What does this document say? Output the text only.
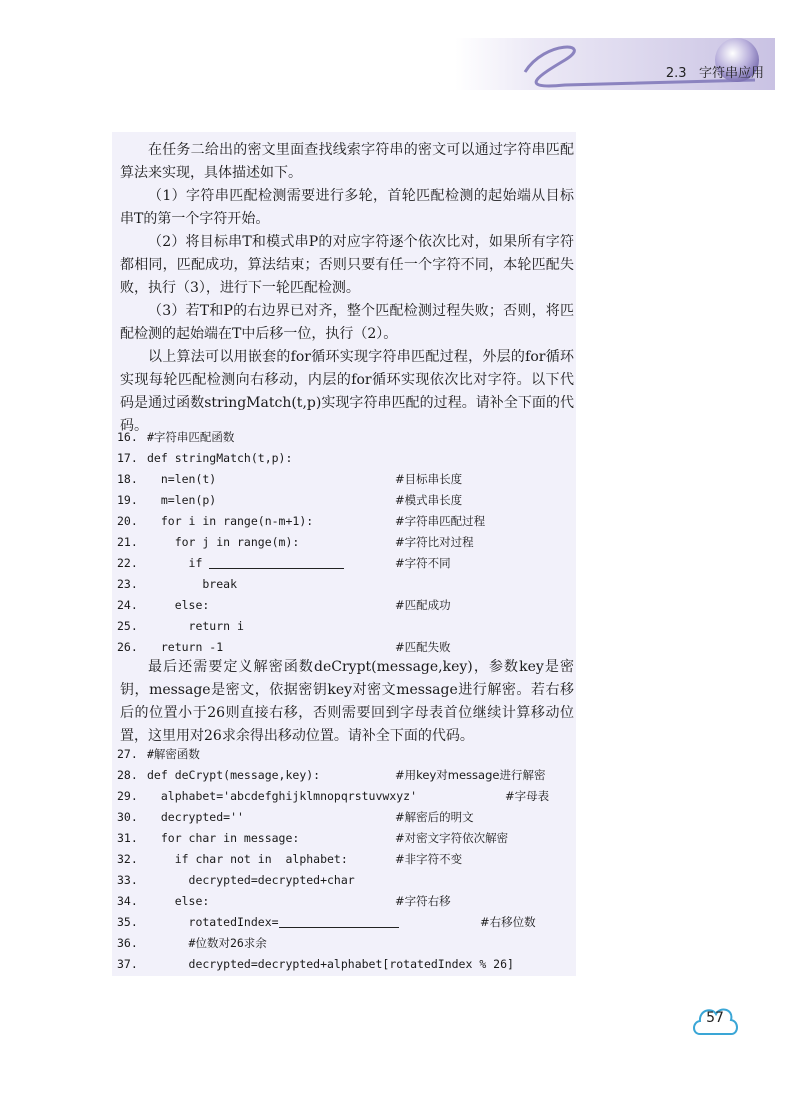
2.3 字符串应用

在任务二给出的密文里面查找线索字符串的密文可以通过字符串匹配算法来实现，具体描述如下。

（1）字符串匹配检测需要进行多轮，首轮匹配检测的起始端从目标串T的第一个字符开始。

（2）将目标串T和模式串P的对应字符逐个依次比对，如果所有字符都相同，匹配成功，算法结束；否则只要有任一个字符不同，本轮匹配失败，执行（3），进行下一轮匹配检测。

（3）若T和P的右边界已对齐，整个匹配检测过程失败；否则，将匹配检测的起始端在T中后移一位，执行（2）。

以上算法可以用嵌套的for循环实现字符串匹配过程，外层的for循环实现每轮匹配检测向右移动，内层的for循环实现依次比对字符。以下代码是通过函数stringMatch(t,p)实现字符串匹配的过程。请补全下面的代码。

16. #字符串匹配函数
17. def stringMatch(t,p):
18. n=len(t)	#目标串长度
19. m=len(p)	#模式串长度
20. for i in range(n-m+1):	#字符串匹配过程
21. for j in range(m):	#字符比对过程
22. if	#字符不同
23. break
24. else:	#匹配成功
25. return i
26. return -1	#匹配失败

最后还需要定义解密函数deCrypt(message,key)，参数key是密钥，message是密文，依据密钥key对密文message进行解密。若右移后的位置小于26则直接右移，否则需要回到字母表首位继续计算移动位置，这里用对26求余得出移动位置。请补全下面的代码。

27. #解密函数
28. def deCrypt(message,key):	#用key对message进行解密
29. alphabet='abcdefghijklmnopqrstuvwxyz'	#字母表
30. decrypted=''	#解密后的明文
31. for char in message:	#对密文字符依次解密
32. if char not in  alphabet:	#非字符不变
33. decrypted=decrypted+char
34. else:	#字符右移
35. rotatedIndex=	#右移位数
36. #位数对26求余
37. decrypted=decrypted+alphabet[rotatedIndex % 26]
57
